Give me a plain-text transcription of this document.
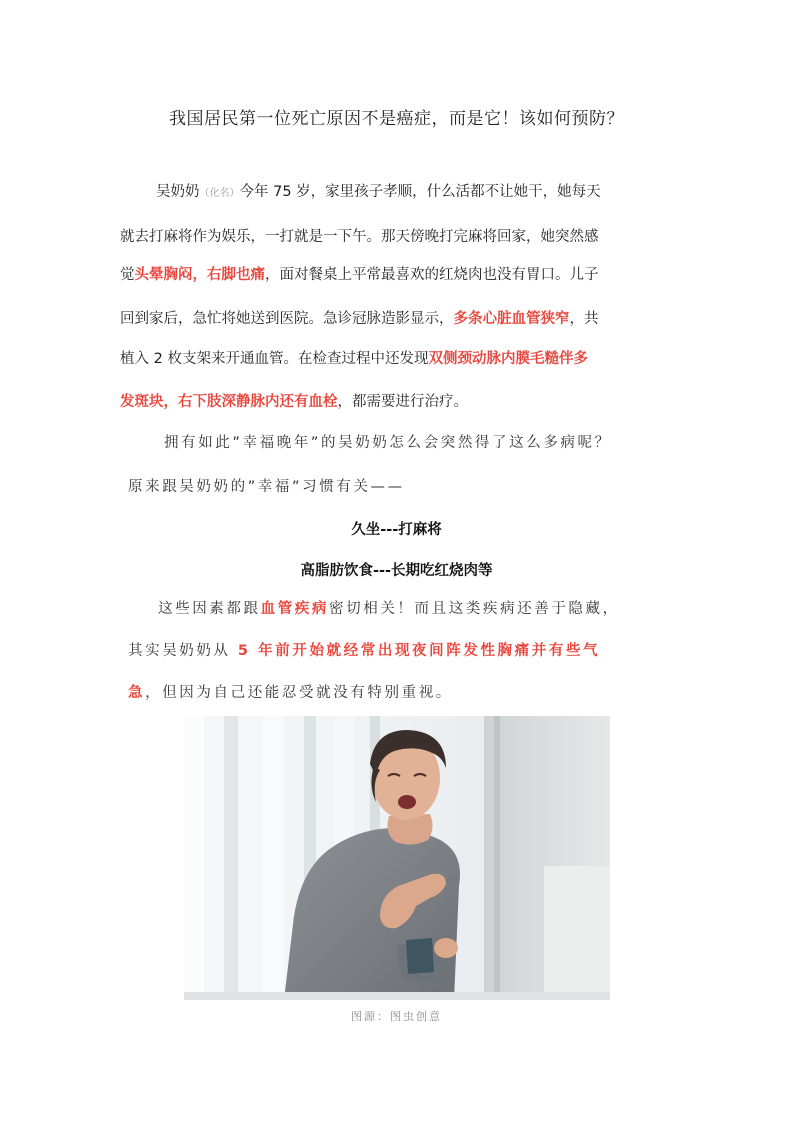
我国居民第一位死亡原因不是癌症，而是它！该如何预防？
吴奶奶（化名）今年 75 岁，家里孩子孝顺，什么活都不让她干，她每天
就去打麻将作为娱乐，一打就是一下午。那天傍晚打完麻将回家，她突然感
觉头晕胸闷，右脚也痛，面对餐桌上平常最喜欢的红烧肉也没有胃口。儿子
回到家后，急忙将她送到医院。急诊冠脉造影显示，多条心脏血管狭窄，共
植入 2 枚支架来开通血管。在检查过程中还发现双侧颈动脉内膜毛糙伴多
发斑块，右下肢深静脉内还有血栓，都需要进行治疗。
拥有如此”幸福晚年”的吴奶奶怎么会突然得了这么多病呢？
原来跟吴奶奶的”幸福”习惯有关——
久坐---打麻将
高脂肪饮食---长期吃红烧肉等
这些因素都跟血管疾病密切相关！而且这类疾病还善于隐藏，
其实吴奶奶从 5 年前开始就经常出现夜间阵发性胸痛并有些气
急，但因为自己还能忍受就没有特别重视。
图源：图虫创意
